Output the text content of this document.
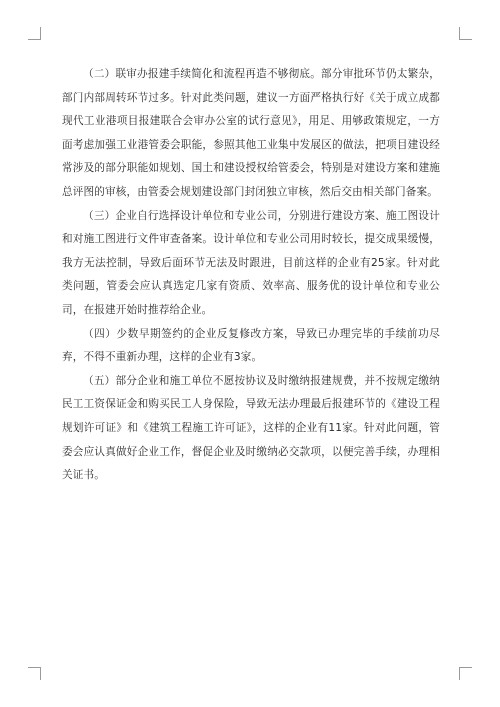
（二）联审办报建手续简化和流程再造不够彻底。部分审批环节仍太繁杂，部门内部周转环节过多。针对此类问题，建议一方面严格执行好《关于成立成都现代工业港项目报建联合会审办公室的试行意见》，用足、用够政策规定，一方面考虑加强工业港管委会职能，参照其他工业集中发展区的做法，把项目建设经常涉及的部分职能如规划、国土和建设授权给管委会，特别是对建设方案和建施总评图的审核，由管委会规划建设部门封闭独立审核，然后交由相关部门备案。

（三）企业自行选择设计单位和专业公司，分别进行建设方案、施工图设计和对施工图进行文件审查备案。设计单位和专业公司用时较长，提交成果缓慢，我方无法控制，导致后面环节无法及时跟进，目前这样的企业有25家。针对此类问题，管委会应认真选定几家有资质、效率高、服务优的设计单位和专业公司，在报建开始时推荐给企业。

（四）少数早期签约的企业反复修改方案，导致已办理完毕的手续前功尽弃，不得不重新办理，这样的企业有3家。

（五）部分企业和施工单位不愿按协议及时缴纳报建规费，并不按规定缴纳民工工资保证金和购买民工人身保险，导致无法办理最后报建环节的《建设工程规划许可证》和《建筑工程施工许可证》，这样的企业有11家。针对此问题，管委会应认真做好企业工作，督促企业及时缴纳必交款项，以便完善手续，办理相关证书。
